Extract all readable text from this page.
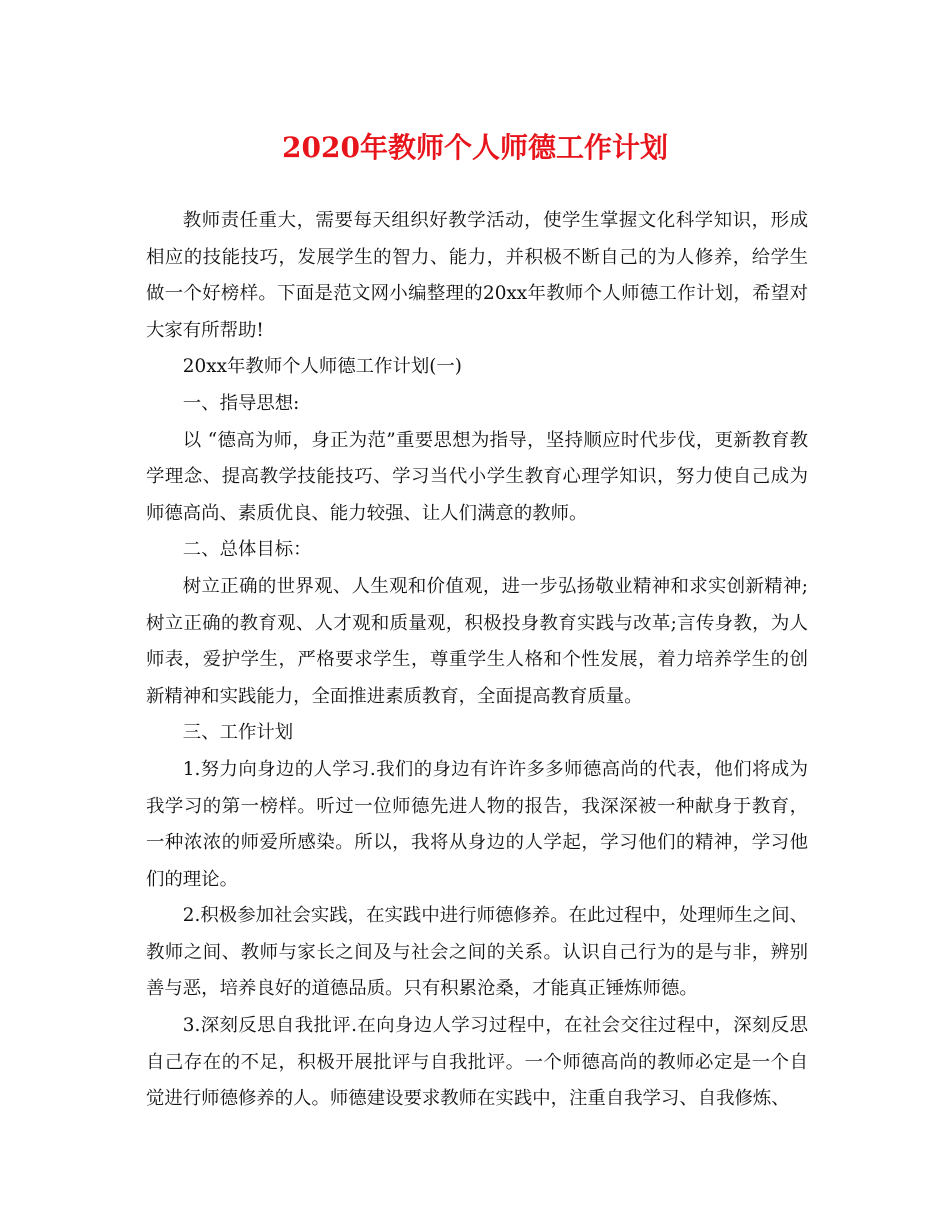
2020年教师个人师德工作计划

教师责任重大，需要每天组织好教学活动，使学生掌握文化科学知识，形成相应的技能技巧，发展学生的智力、能力，并积极不断自己的为人修养，给学生做一个好榜样。下面是范文网小编整理的20xx年教师个人师德工作计划，希望对大家有所帮助!

20xx年教师个人师德工作计划(一)

一、指导思想:

以 “德高为师，身正为范”重要思想为指导，坚持顺应时代步伐，更新教育教学理念、提高教学技能技巧、学习当代小学生教育心理学知识，努力使自己成为师德高尚、素质优良、能力较强、让人们满意的教师。

二、总体目标：

树立正确的世界观、人生观和价值观，进一步弘扬敬业精神和求实创新精神;树立正确的教育观、人才观和质量观，积极投身教育实践与改革;言传身教，为人师表，爱护学生，严格要求学生，尊重学生人格和个性发展，着力培养学生的创新精神和实践能力，全面推进素质教育，全面提高教育质量。

三、工作计划

1.努力向身边的人学习.我们的身边有许许多多师德高尚的代表，他们将成为我学习的第一榜样。听过一位师德先进人物的报告，我深深被一种献身于教育，一种浓浓的师爱所感染。所以，我将从身边的人学起，学习他们的精神，学习他们的理论。

2.积极参加社会实践，在实践中进行师德修养。在此过程中，处理师生之间、教师之间、教师与家长之间及与社会之间的关系。认识自己行为的是与非，辨别善与恶，培养良好的道德品质。只有积累沧桑，才能真正锤炼师德。

3.深刻反思自我批评.在向身边人学习过程中，在社会交往过程中，深刻反思自己存在的不足，积极开展批评与自我批评。一个师德高尚的教师必定是一个自觉进行师德修养的人。师德建设要求教师在实践中，注重自我学习、自我修炼、
